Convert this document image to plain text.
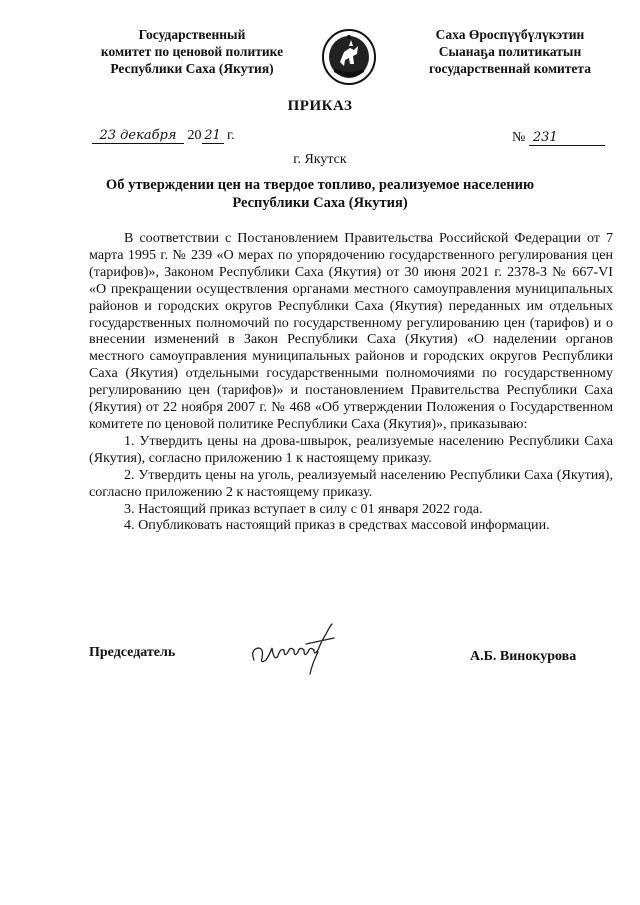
Государственный
комитет по ценовой политике
Республики Саха (Якутия)
Саха Өроспүүбүлүкэтин
Сыанаҕа политикатын
государственнай комитета
ПРИКАЗ
23 декабря 20 21 г.	№ 231
г. Якутск
Об утверждении цен на твердое топливо, реализуемое населению
Республики Саха (Якутия)

В соответствии с Постановлением Правительства Российской Федерации от 7 марта 1995 г. № 239 «О мерах по упорядочению государственного регулирования цен (тарифов)», Законом Республики Саха (Якутия) от 30 июня 2021 г. 2378-З № 667-VI «О прекращении осуществления органами местного самоуправления муниципальных районов и городских округов Республики Саха (Якутия) переданных им отдельных государственных полномочий по государственному регулированию цен (тарифов) и о внесении изменений в Закон Республики Саха (Якутия) «О наделении органов местного самоуправления муниципальных районов и городских округов Республики Саха (Якутия) отдельными государственными полномочиями по государственному регулированию цен (тарифов)» и постановлением Правительства Республики Саха (Якутия) от 22 ноября 2007 г. № 468 «Об утверждении Положения о Государственном комитете по ценовой политике Республики Саха (Якутия)», приказываю:

1. Утвердить цены на дрова-швырок, реализуемые населению Республики Саха (Якутия), согласно приложению 1 к настоящему приказу.

2. Утвердить цены на уголь, реализуемый населению Республики Саха (Якутия), согласно приложению 2 к настоящему приказу.

3. Настоящий приказ вступает в силу с 01 января 2022 года.

4. Опубликовать настоящий приказ в средствах массовой информации.

Председатель	А.Б. Винокурова
